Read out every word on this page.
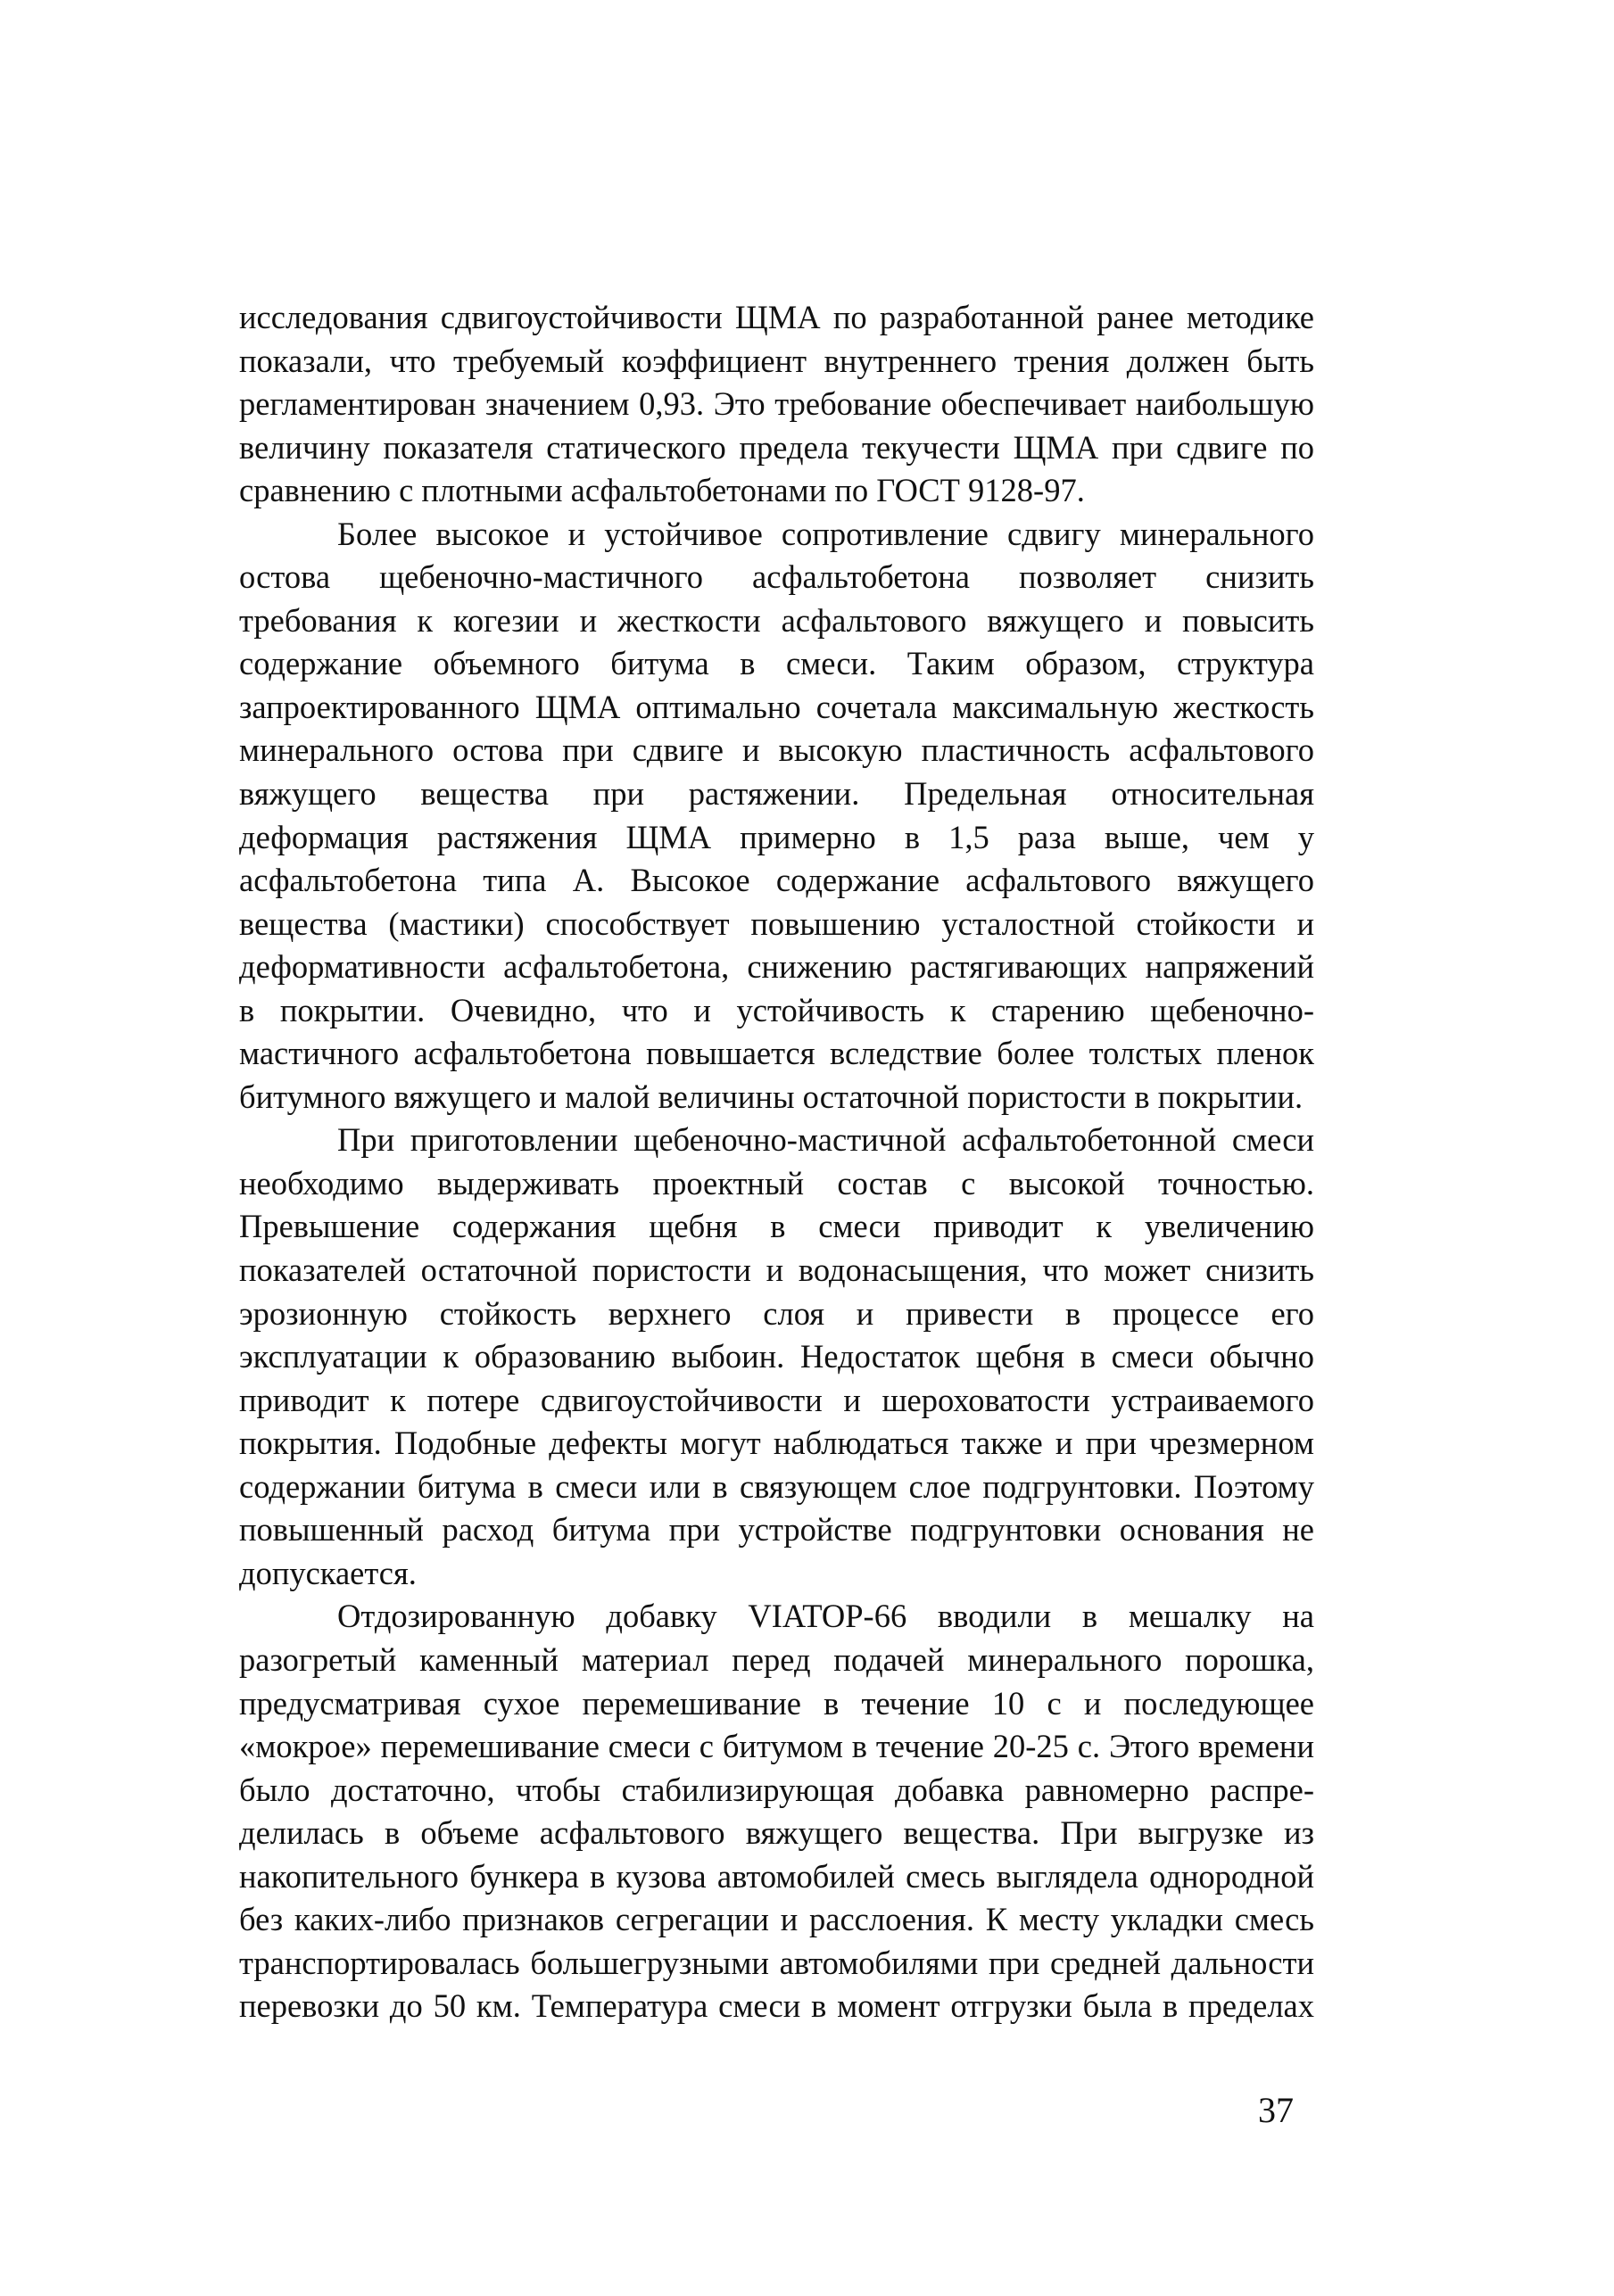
исследования сдвигоустойчивости ЩМА по разработанной ранее методике
показали, что требуемый коэффициент внутреннего трения должен быть
регламентирован значением 0,93. Это требование обеспечивает наибольшую
величину показателя статического предела текучести ЩМА при сдвиге по
сравнению с плотными асфальтобетонами по ГОСТ 9128-97.
Более высокое и устойчивое сопротивление сдвигу минерального
остова щебеночно-мастичного асфальтобетона позволяет снизить
требования к когезии и жесткости асфальтового вяжущего и повысить
содержание объемного битума в смеси. Таким образом, структура
запроектированного ЩМА оптимально сочетала максимальную жесткость
минерального остова при сдвиге и высокую пластичность асфальтового
вяжущего вещества при растяжении. Предельная относительная
деформация растяжения ЩМА примерно в 1,5 раза выше, чем у
асфальтобетона типа А. Высокое содержание асфальтового вяжущего
вещества (мастики) способствует повышению усталостной стойкости и
деформативности асфальтобетона, снижению растягивающих напряжений
в покрытии. Очевидно, что и устойчивость к старению щебеночно-
мастичного асфальтобетона повышается вследствие более толстых пленок
битумного вяжущего и малой величины остаточной пористости в покрытии.
При приготовлении щебеночно-мастичной асфальтобетонной смеси
необходимо выдерживать проектный состав с высокой точностью.
Превышение содержания щебня в смеси приводит к увеличению
показателей остаточной пористости и водонасыщения, что может снизить
эрозионную стойкость верхнего слоя и привести в процессе его
эксплуатации к образованию выбоин. Недостаток щебня в смеси обычно
приводит к потере сдвигоустойчивости и шероховатости устраиваемого
покрытия. Подобные дефекты могут наблюдаться также и при чрезмерном
содержании битума в смеси или в связующем слое подгрунтовки. Поэтому
повышенный расход битума при устройстве подгрунтовки основания не
допускается.
Отдозированную добавку VIATOP-66 вводили в мешалку на
разогретый каменный материал перед подачей минерального порошка,
предусматривая сухое перемешивание в течение 10 с и последующее
«мокрое» перемешивание смеси с битумом в течение 20-25 с. Этого времени
было достаточно, чтобы стабилизирующая добавка равномерно распре-
делилась в объеме асфальтового вяжущего вещества. При выгрузке из
накопительного бункера в кузова автомобилей смесь выглядела однородной
без каких-либо признаков сегрегации и расслоения. К месту укладки смесь
транспортировалась большегрузными автомобилями при средней дальности
перевозки до 50 км. Температура смеси в момент отгрузки была в пределах
37
